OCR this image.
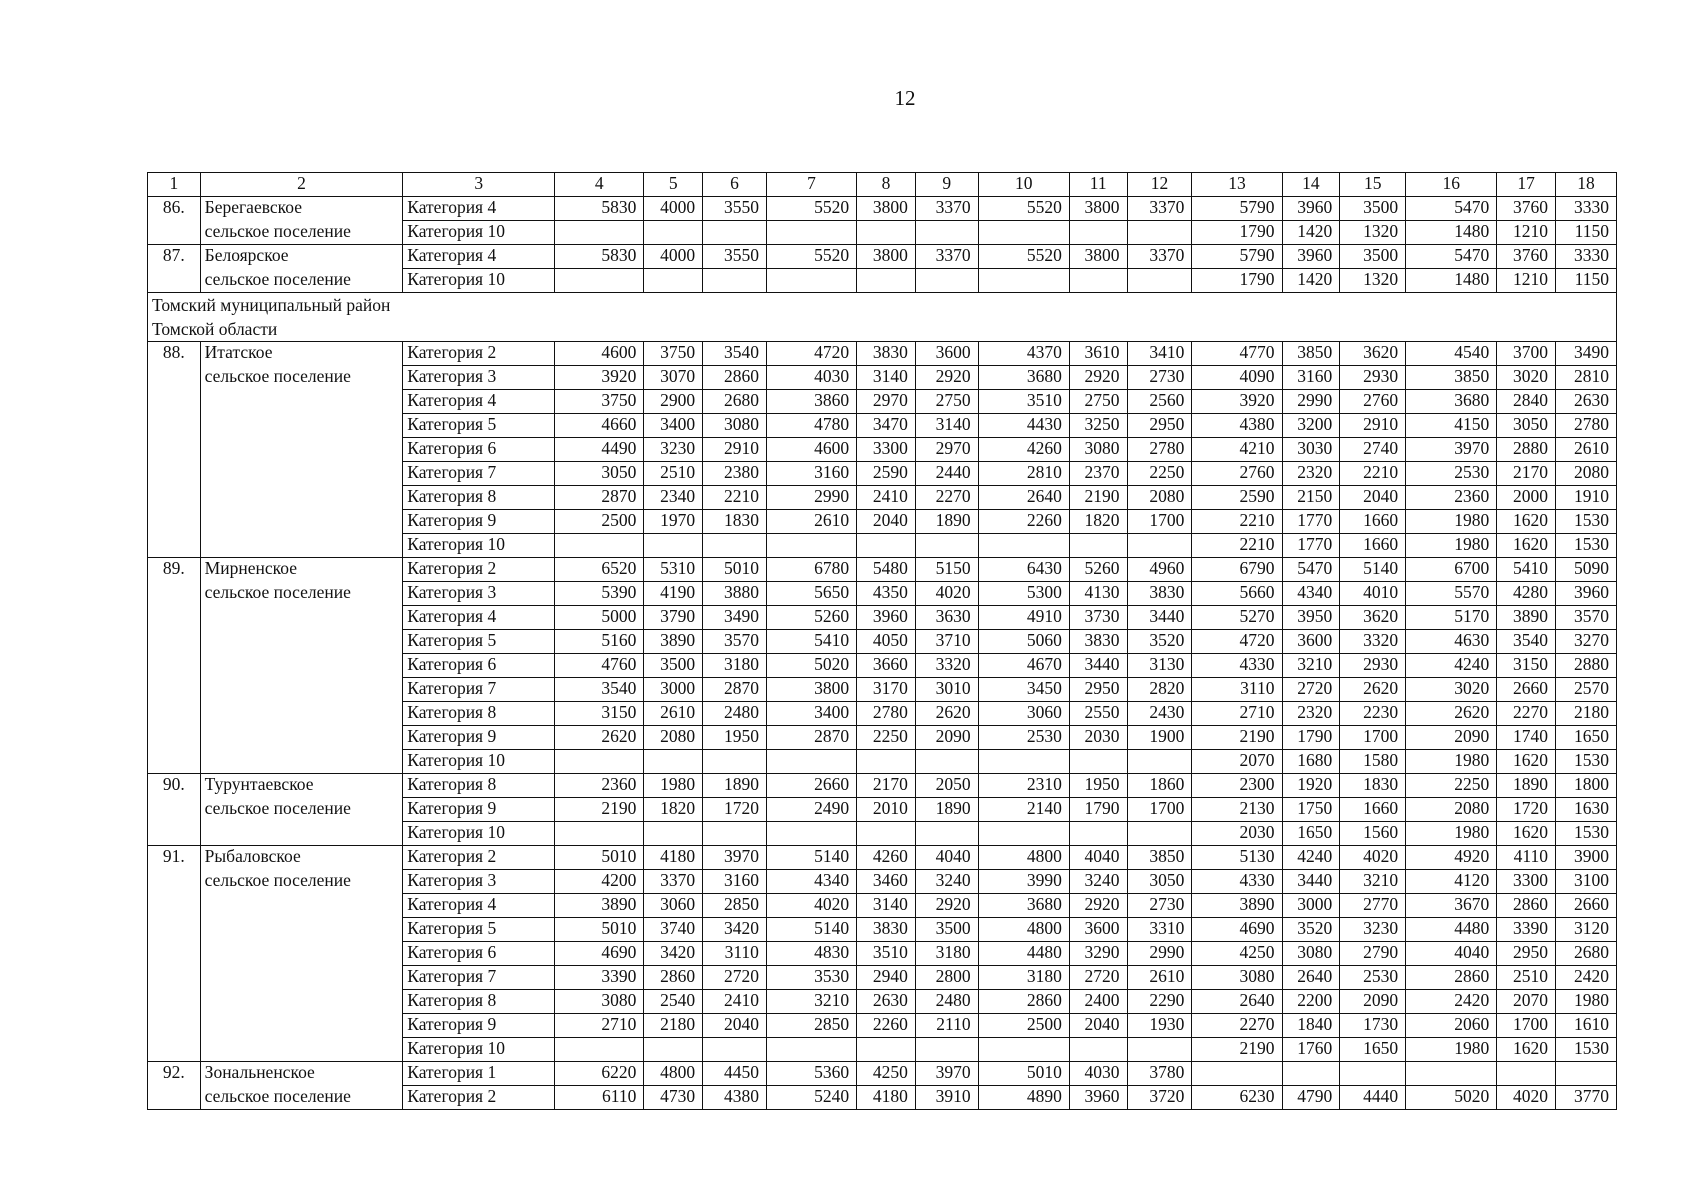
12
1	2	3	4	5	6	7	8	9	10	11	12	13	14	15	16	17	18
86.	Берегаевское	Категория 4	5830	4000	3550	5520	3800	3370	5520	3800	3370	5790	3960	3500	5470	3760	3330
	сельское поселение	Категория 10										1790	1420	1320	1480	1210	1150
87.	Белоярское	Категория 4	5830	4000	3550	5520	3800	3370	5520	3800	3370	5790	3960	3500	5470	3760	3330
	сельское поселение	Категория 10										1790	1420	1320	1480	1210	1150
Томский муниципальный район																	
Томской области																	
88.	Итатское	Категория 2	4600	3750	3540	4720	3830	3600	4370	3610	3410	4770	3850	3620	4540	3700	3490
	сельское поселение	Категория 3	3920	3070	2860	4030	3140	2920	3680	2920	2730	4090	3160	2930	3850	3020	2810
		Категория 4	3750	2900	2680	3860	2970	2750	3510	2750	2560	3920	2990	2760	3680	2840	2630
		Категория 5	4660	3400	3080	4780	3470	3140	4430	3250	2950	4380	3200	2910	4150	3050	2780
		Категория 6	4490	3230	2910	4600	3300	2970	4260	3080	2780	4210	3030	2740	3970	2880	2610
		Категория 7	3050	2510	2380	3160	2590	2440	2810	2370	2250	2760	2320	2210	2530	2170	2080
		Категория 8	2870	2340	2210	2990	2410	2270	2640	2190	2080	2590	2150	2040	2360	2000	1910
		Категория 9	2500	1970	1830	2610	2040	1890	2260	1820	1700	2210	1770	1660	1980	1620	1530
		Категория 10										2210	1770	1660	1980	1620	1530
89.	Мирненское	Категория 2	6520	5310	5010	6780	5480	5150	6430	5260	4960	6790	5470	5140	6700	5410	5090
	сельское поселение	Категория 3	5390	4190	3880	5650	4350	4020	5300	4130	3830	5660	4340	4010	5570	4280	3960
		Категория 4	5000	3790	3490	5260	3960	3630	4910	3730	3440	5270	3950	3620	5170	3890	3570
		Категория 5	5160	3890	3570	5410	4050	3710	5060	3830	3520	4720	3600	3320	4630	3540	3270
		Категория 6	4760	3500	3180	5020	3660	3320	4670	3440	3130	4330	3210	2930	4240	3150	2880
		Категория 7	3540	3000	2870	3800	3170	3010	3450	2950	2820	3110	2720	2620	3020	2660	2570
		Категория 8	3150	2610	2480	3400	2780	2620	3060	2550	2430	2710	2320	2230	2620	2270	2180
		Категория 9	2620	2080	1950	2870	2250	2090	2530	2030	1900	2190	1790	1700	2090	1740	1650
		Категория 10										2070	1680	1580	1980	1620	1530
90.	Турунтаевское	Категория 8	2360	1980	1890	2660	2170	2050	2310	1950	1860	2300	1920	1830	2250	1890	1800
	сельское поселение	Категория 9	2190	1820	1720	2490	2010	1890	2140	1790	1700	2130	1750	1660	2080	1720	1630
		Категория 10										2030	1650	1560	1980	1620	1530
91.	Рыбаловское	Категория 2	5010	4180	3970	5140	4260	4040	4800	4040	3850	5130	4240	4020	4920	4110	3900
	сельское поселение	Категория 3	4200	3370	3160	4340	3460	3240	3990	3240	3050	4330	3440	3210	4120	3300	3100
		Категория 4	3890	3060	2850	4020	3140	2920	3680	2920	2730	3890	3000	2770	3670	2860	2660
		Категория 5	5010	3740	3420	5140	3830	3500	4800	3600	3310	4690	3520	3230	4480	3390	3120
		Категория 6	4690	3420	3110	4830	3510	3180	4480	3290	2990	4250	3080	2790	4040	2950	2680
		Категория 7	3390	2860	2720	3530	2940	2800	3180	2720	2610	3080	2640	2530	2860	2510	2420
		Категория 8	3080	2540	2410	3210	2630	2480	2860	2400	2290	2640	2200	2090	2420	2070	1980
		Категория 9	2710	2180	2040	2850	2260	2110	2500	2040	1930	2270	1840	1730	2060	1700	1610
		Категория 10										2190	1760	1650	1980	1620	1530
92.	Зональненское	Категория 1	6220	4800	4450	5360	4250	3970	5010	4030	3780						
	сельское поселение	Категория 2	6110	4730	4380	5240	4180	3910	4890	3960	3720	6230	4790	4440	5020	4020	3770
